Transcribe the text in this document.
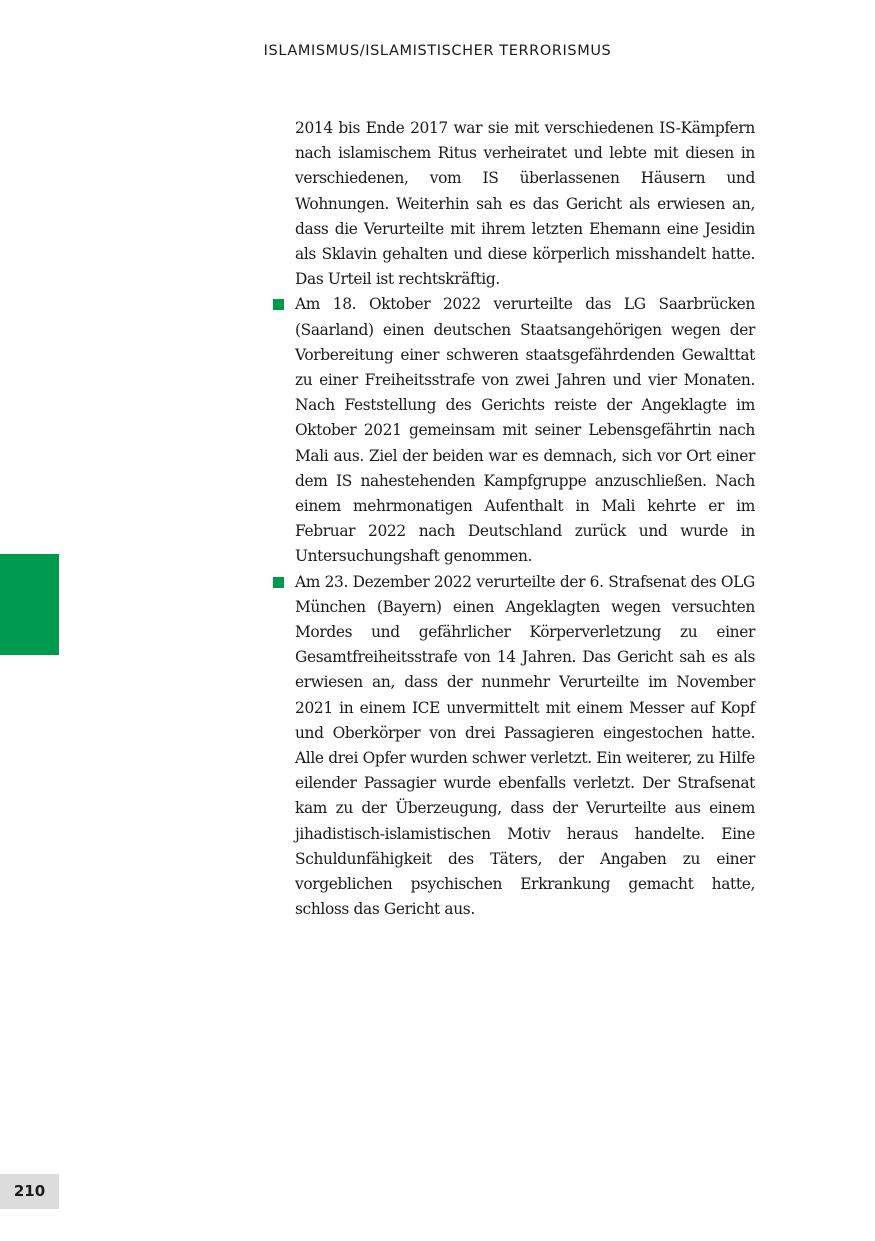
ISLAMISMUS/ISLAMISTISCHER TERRORISMUS

2014 bis Ende 2017 war sie mit verschiedenen IS-Kämpfern nach islamischem Ritus verheiratet und lebte mit diesen in verschiedenen, vom IS überlassenen Häusern und Wohnungen. Weiterhin sah es das Gericht als erwiesen an, dass die Verurteilte mit ihrem letzten Ehemann eine Jesidin als Sklavin gehalten und diese körperlich misshandelt hatte. Das Urteil ist rechtskräftig.

Am 18. Oktober 2022 verurteilte das LG Saarbrücken (Saarland) einen deutschen Staatsangehörigen wegen der Vorbereitung einer schweren staatsgefährdenden Gewalttat zu einer Freiheitsstrafe von zwei Jahren und vier Monaten. Nach Feststellung des Gerichts reiste der Angeklagte im Oktober 2021 gemeinsam mit seiner Lebensgefährtin nach Mali aus. Ziel der beiden war es demnach, sich vor Ort einer dem IS nahestehenden Kampfgruppe anzuschließen. Nach einem mehrmonatigen Aufenthalt in Mali kehrte er im Februar 2022 nach Deutschland zurück und wurde in Untersuchungshaft genommen.

Am 23. Dezember 2022 verurteilte der 6. Strafsenat des OLG München (Bayern) einen Angeklagten wegen versuchten Mordes und gefährlicher Körperverletzung zu einer Gesamtfreiheitsstrafe von 14 Jahren. Das Gericht sah es als erwiesen an, dass der nunmehr Verurteilte im November 2021 in einem ICE unvermittelt mit einem Messer auf Kopf und Oberkörper von drei Passagieren eingestochen hatte. Alle drei Opfer wurden schwer verletzt. Ein weiterer, zu Hilfe eilender Passagier wurde ebenfalls verletzt. Der Strafsenat kam zu der Überzeugung, dass der Verurteilte aus einem jihadistisch-islamistischen Motiv heraus handelte. Eine Schuldunfähigkeit des Täters, der Angaben zu einer vorgeblichen psychischen Erkrankung gemacht hatte, schloss das Gericht aus.

210
